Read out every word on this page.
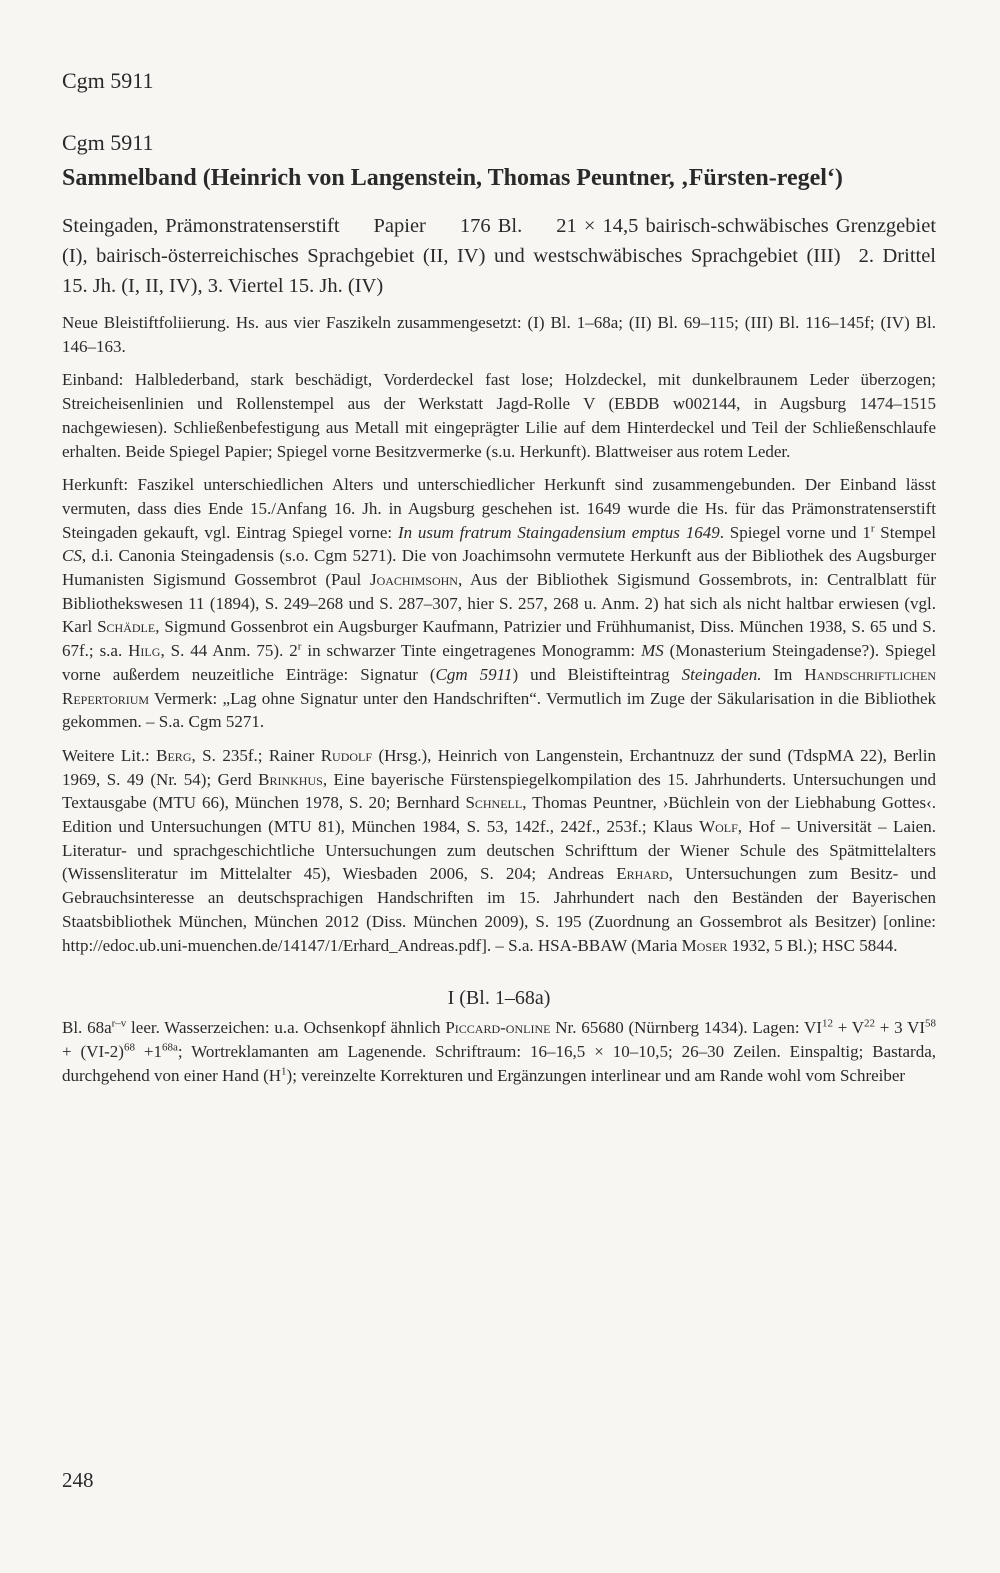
Cgm 5911
Cgm 5911
Sammelband (Heinrich von Langenstein, Thomas Peuntner, ‚Fürsten-regel‘)
Steingaden, Prämonstratenserstift Papier 176 Bl. 21 × 14,5 bairisch-schwäbisches Grenzgebiet (I), bairisch-österreichisches Sprachgebiet (II, IV) und westschwäbisches Sprachgebiet (III) 2. Drittel 15. Jh. (I, II, IV), 3. Viertel 15. Jh. (IV)

Neue Bleistiftfoliierung. Hs. aus vier Faszikeln zusammengesetzt: (I) Bl. 1–68a; (II) Bl. 69–115; (III) Bl. 116–145f; (IV) Bl. 146–163.

Einband: Halblederband, stark beschädigt, Vorderdeckel fast lose; Holzdeckel, mit dunkelbraunem Leder überzogen; Streicheisenlinien und Rollenstempel aus der Werkstatt Jagd-Rolle V (EBDB w002144, in Augsburg 1474–1515 nachgewiesen). Schließenbefestigung aus Metall mit eingeprägter Lilie auf dem Hinterdeckel und Teil der Schließenschlaufe erhalten. Beide Spiegel Papier; Spiegel vorne Besitzvermerke (s.u. Herkunft). Blattweiser aus rotem Leder.

Herkunft: Faszikel unterschiedlichen Alters und unterschiedlicher Herkunft sind zusammengebunden. Der Einband lässt vermuten, dass dies Ende 15./Anfang 16. Jh. in Augsburg geschehen ist. 1649 wurde die Hs. für das Prämonstratenserstift Steingaden gekauft, vgl. Eintrag Spiegel vorne: In usum fratrum Staingadensium emptus 1649. Spiegel vorne und 1$^r$ Stempel CS, d.i. Canonia Steingadensis (s.o. Cgm 5271). Die von Joachimsohn vermutete Herkunft aus der Bibliothek des Augsburger Humanisten Sigismund Gossembrot (Paul Joachimsohn, Aus der Bibliothek Sigismund Gossembrots, in: Centralblatt für Bibliothekswesen 11 (1894), S. 249–268 und S. 287–307, hier S. 257, 268 u. Anm. 2) hat sich als nicht haltbar erwiesen (vgl. Karl Schädle, Sigmund Gossenbrot ein Augsburger Kaufmann, Patrizier und Frühhumanist, Diss. München 1938, S. 65 und S. 67f.; s.a. Hilg, S. 44 Anm. 75). 2$^r$ in schwarzer Tinte eingetragenes Monogramm: MS (Monasterium Steingadense?). Spiegel vorne außerdem neuzeitliche Einträge: Signatur (Cgm 5911) und Bleistifteintrag Steingaden. Im Handschriftlichen Repertorium Vermerk: „Lag ohne Signatur unter den Handschriften“. Vermutlich im Zuge der Säkularisation in die Bibliothek gekommen. – S.a. Cgm 5271.

Weitere Lit.: Berg, S. 235f.; Rainer Rudolf (Hrsg.), Heinrich von Langenstein, Erchantnuzz der sund (TdspMA 22), Berlin 1969, S. 49 (Nr. 54); Gerd Brinkhus, Eine bayerische Fürstenspiegelkompilation des 15. Jahrhunderts. Untersuchungen und Textausgabe (MTU 66), München 1978, S. 20; Bernhard Schnell, Thomas Peuntner, ›Büchlein von der Liebhabung Gottes‹. Edition und Untersuchungen (MTU 81), München 1984, S. 53, 142f., 242f., 253f.; Klaus Wolf, Hof – Universität – Laien. Literatur- und sprachgeschichtliche Untersuchungen zum deutschen Schrifttum der Wiener Schule des Spätmittelalters (Wissensliteratur im Mittelalter 45), Wiesbaden 2006, S. 204; Andreas Erhard, Untersuchungen zum Besitz- und Gebrauchsinteresse an deutschsprachigen Handschriften im 15. Jahrhundert nach den Beständen der Bayerischen Staatsbibliothek München, München 2012 (Diss. München 2009), S. 195 (Zuordnung an Gossembrot als Besitzer) [online: http://edoc.ub.uni-muenchen.de/14147/1/Erhard_Andreas.pdf]. – S.a. HSA-BBAW (Maria Moser 1932, 5 Bl.); HSC 5844.

I (Bl. 1–68a)

Bl. $68a^{r-v}$ leer. Wasserzeichen: u.a. Ochsenkopf ähnlich Piccard-online Nr. 65680 (Nürnberg 1434). Lagen: $VI^{12} + V^{22} + 3$ $VI^{58} + (VI-2)^{68} +1^{68a}$; Wortreklamanten am Lagenende. Schriftraum: 16–16,5 × 10–10,5; 26–30 Zeilen. Einspaltig; Bastarda, durchgehend von einer Hand $(H^1)$; vereinzelte Korrekturen und Ergänzungen interlinear und am Rande wohl vom Schreiber

248
